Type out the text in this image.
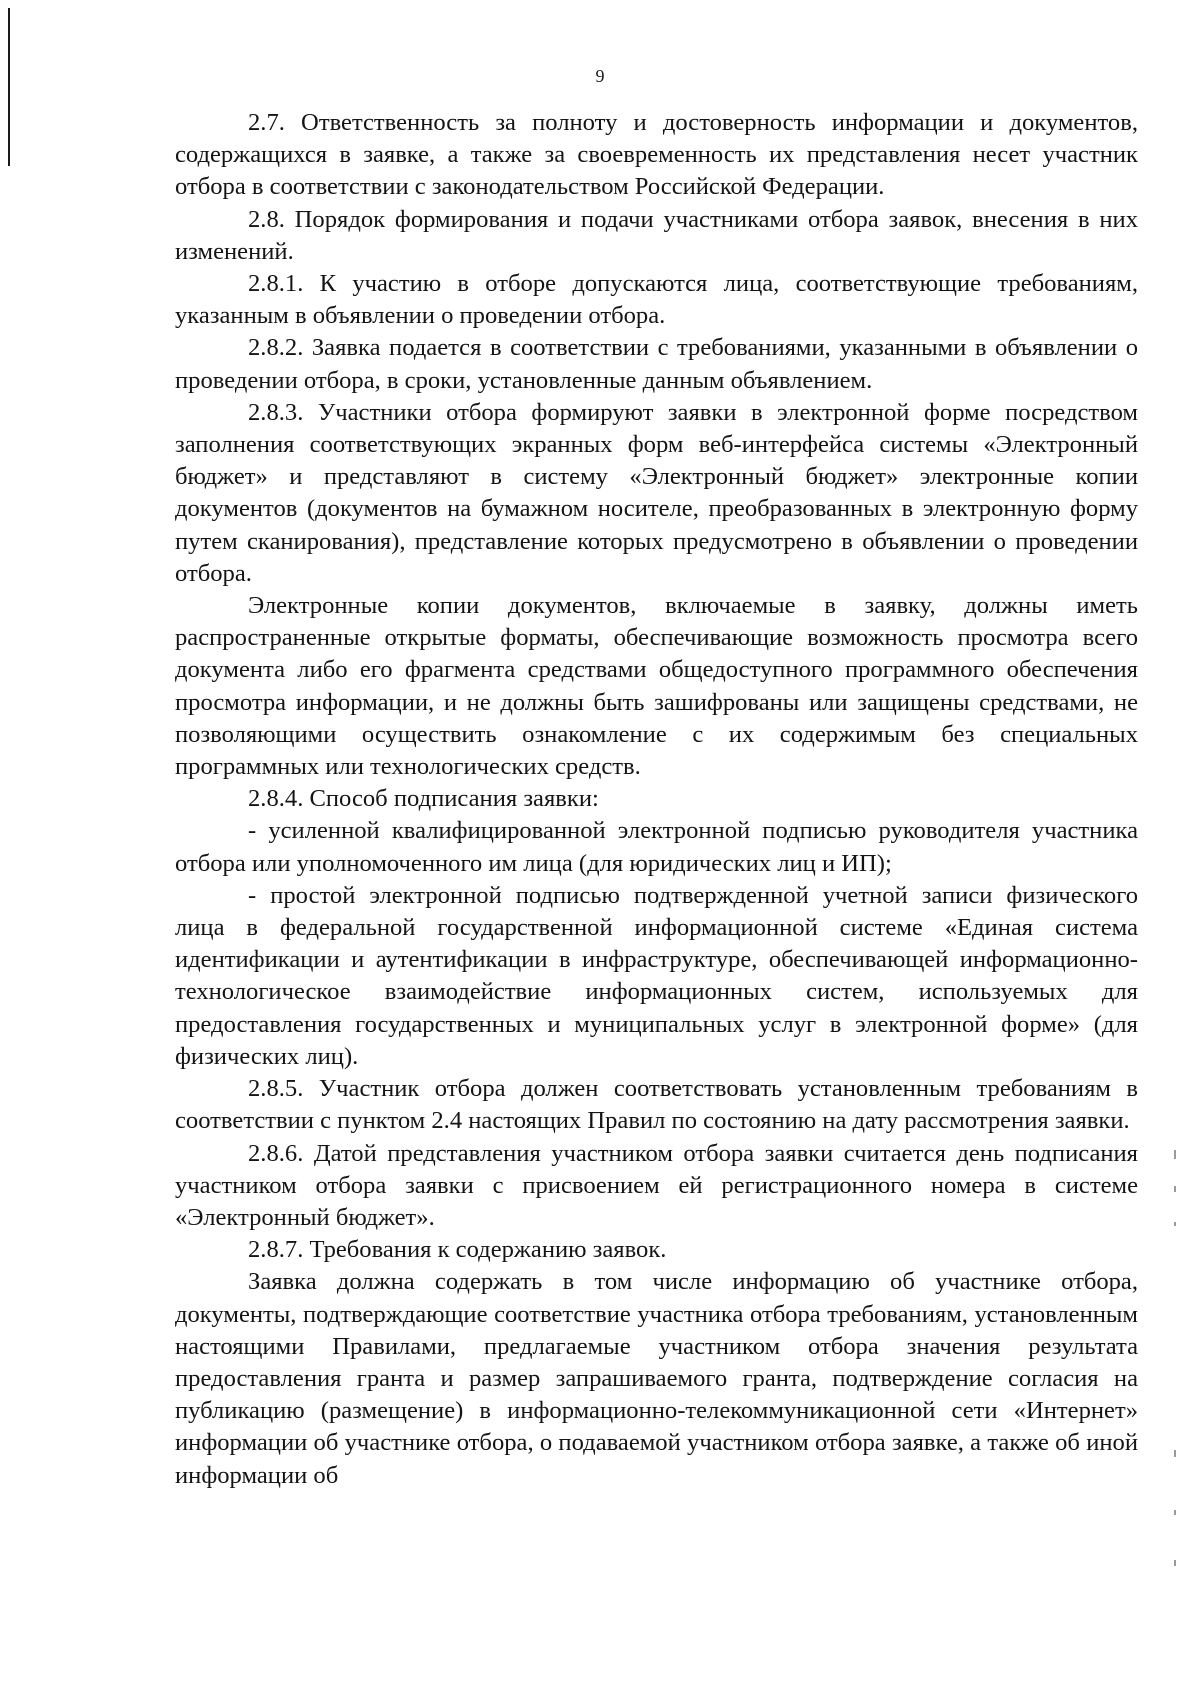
9

2.7. Ответственность за полноту и достоверность информации и документов, содержащихся в заявке, а также за своевременность их представления несет участник отбора в соответствии с законодательством Российской Федерации.

2.8. Порядок формирования и подачи участниками отбора заявок, внесения в них изменений.

2.8.1. К участию в отборе допускаются лица, соответствующие требованиям, указанным в объявлении о проведении отбора.

2.8.2. Заявка подается в соответствии с требованиями, указанными в объявлении о проведении отбора, в сроки, установленные данным объявлением.

2.8.3. Участники отбора формируют заявки в электронной форме посредством заполнения соответствующих экранных форм веб-интерфейса системы «Электронный бюджет» и представляют в систему «Электронный бюджет» электронные копии документов (документов на бумажном носителе, преобразованных в электронную форму путем сканирования), представление которых предусмотрено в объявлении о проведении отбора.

Электронные копии документов, включаемые в заявку, должны иметь распространенные открытые форматы, обеспечивающие возможность просмотра всего документа либо его фрагмента средствами общедоступного программного обеспечения просмотра информации, и не должны быть зашифрованы или защищены средствами, не позволяющими осуществить ознакомление с их содержимым без специальных программных или технологических средств.

2.8.4. Способ подписания заявки:

- усиленной квалифицированной электронной подписью руководителя участника отбора или уполномоченного им лица (для юридических лиц и ИП);

- простой электронной подписью подтвержденной учетной записи физического лица в федеральной государственной информационной системе «Единая система идентификации и аутентификации в инфраструктуре, обеспечивающей информационно-технологическое взаимодействие информационных систем, используемых для предоставления государственных и муниципальных услуг в электронной форме» (для физических лиц).

2.8.5. Участник отбора должен соответствовать установленным требованиям в соответствии с пунктом 2.4 настоящих Правил по состоянию на дату рассмотрения заявки.

2.8.6. Датой представления участником отбора заявки считается день подписания участником отбора заявки с присвоением ей регистрационного номера в системе «Электронный бюджет».

2.8.7. Требования к содержанию заявок.

Заявка должна содержать в том числе информацию об участнике отбора, документы, подтверждающие соответствие участника отбора требованиям, установленным настоящими Правилами, предлагаемые участником отбора значения результата предоставления гранта и размер запрашиваемого гранта, подтверждение согласия на публикацию (размещение) в информационно-телекоммуникационной сети «Интернет» информации об участнике отбора, о подаваемой участником отбора заявке, а также об иной информации об
